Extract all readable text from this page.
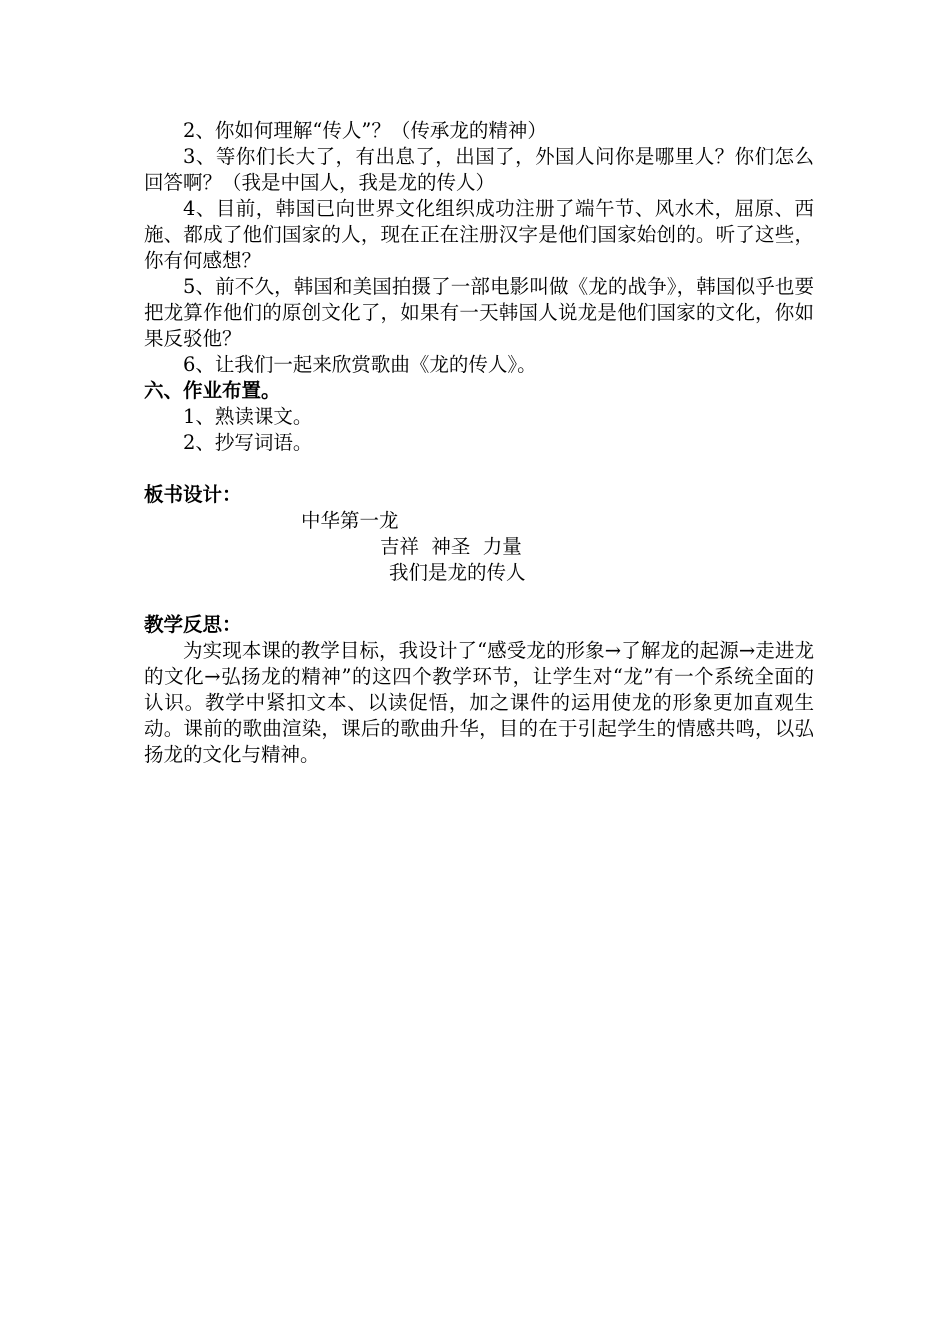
2、你如何理解“传人”？（传承龙的精神）

3、等你们长大了，有出息了，出国了，外国人问你是哪里人？你们怎么回答啊？（我是中国人，我是龙的传人）

4、目前，韩国已向世界文化组织成功注册了端午节、风水术，屈原、西施、都成了他们国家的人，现在正在注册汉字是他们国家始创的。听了这些，你有何感想？

5、前不久，韩国和美国拍摄了一部电影叫做《龙的战争》，韩国似乎也要把龙算作他们的原创文化了，如果有一天韩国人说龙是他们国家的文化，你如果反驳他？

6、让我们一起来欣赏歌曲《龙的传人》。

六、作业布置。

1、熟读课文。

2、抄写词语。

板书设计：

中华第一龙

吉祥  神圣  力量

我们是龙的传人

教学反思：

为实现本课的教学目标，我设计了“感受龙的形象→了解龙的起源→走进龙的文化→弘扬龙的精神”的这四个教学环节，让学生对“龙”有一个系统全面的认识。教学中紧扣文本、以读促悟，加之课件的运用使龙的形象更加直观生动。课前的歌曲渲染，课后的歌曲升华，目的在于引起学生的情感共鸣，以弘扬龙的文化与精神。
